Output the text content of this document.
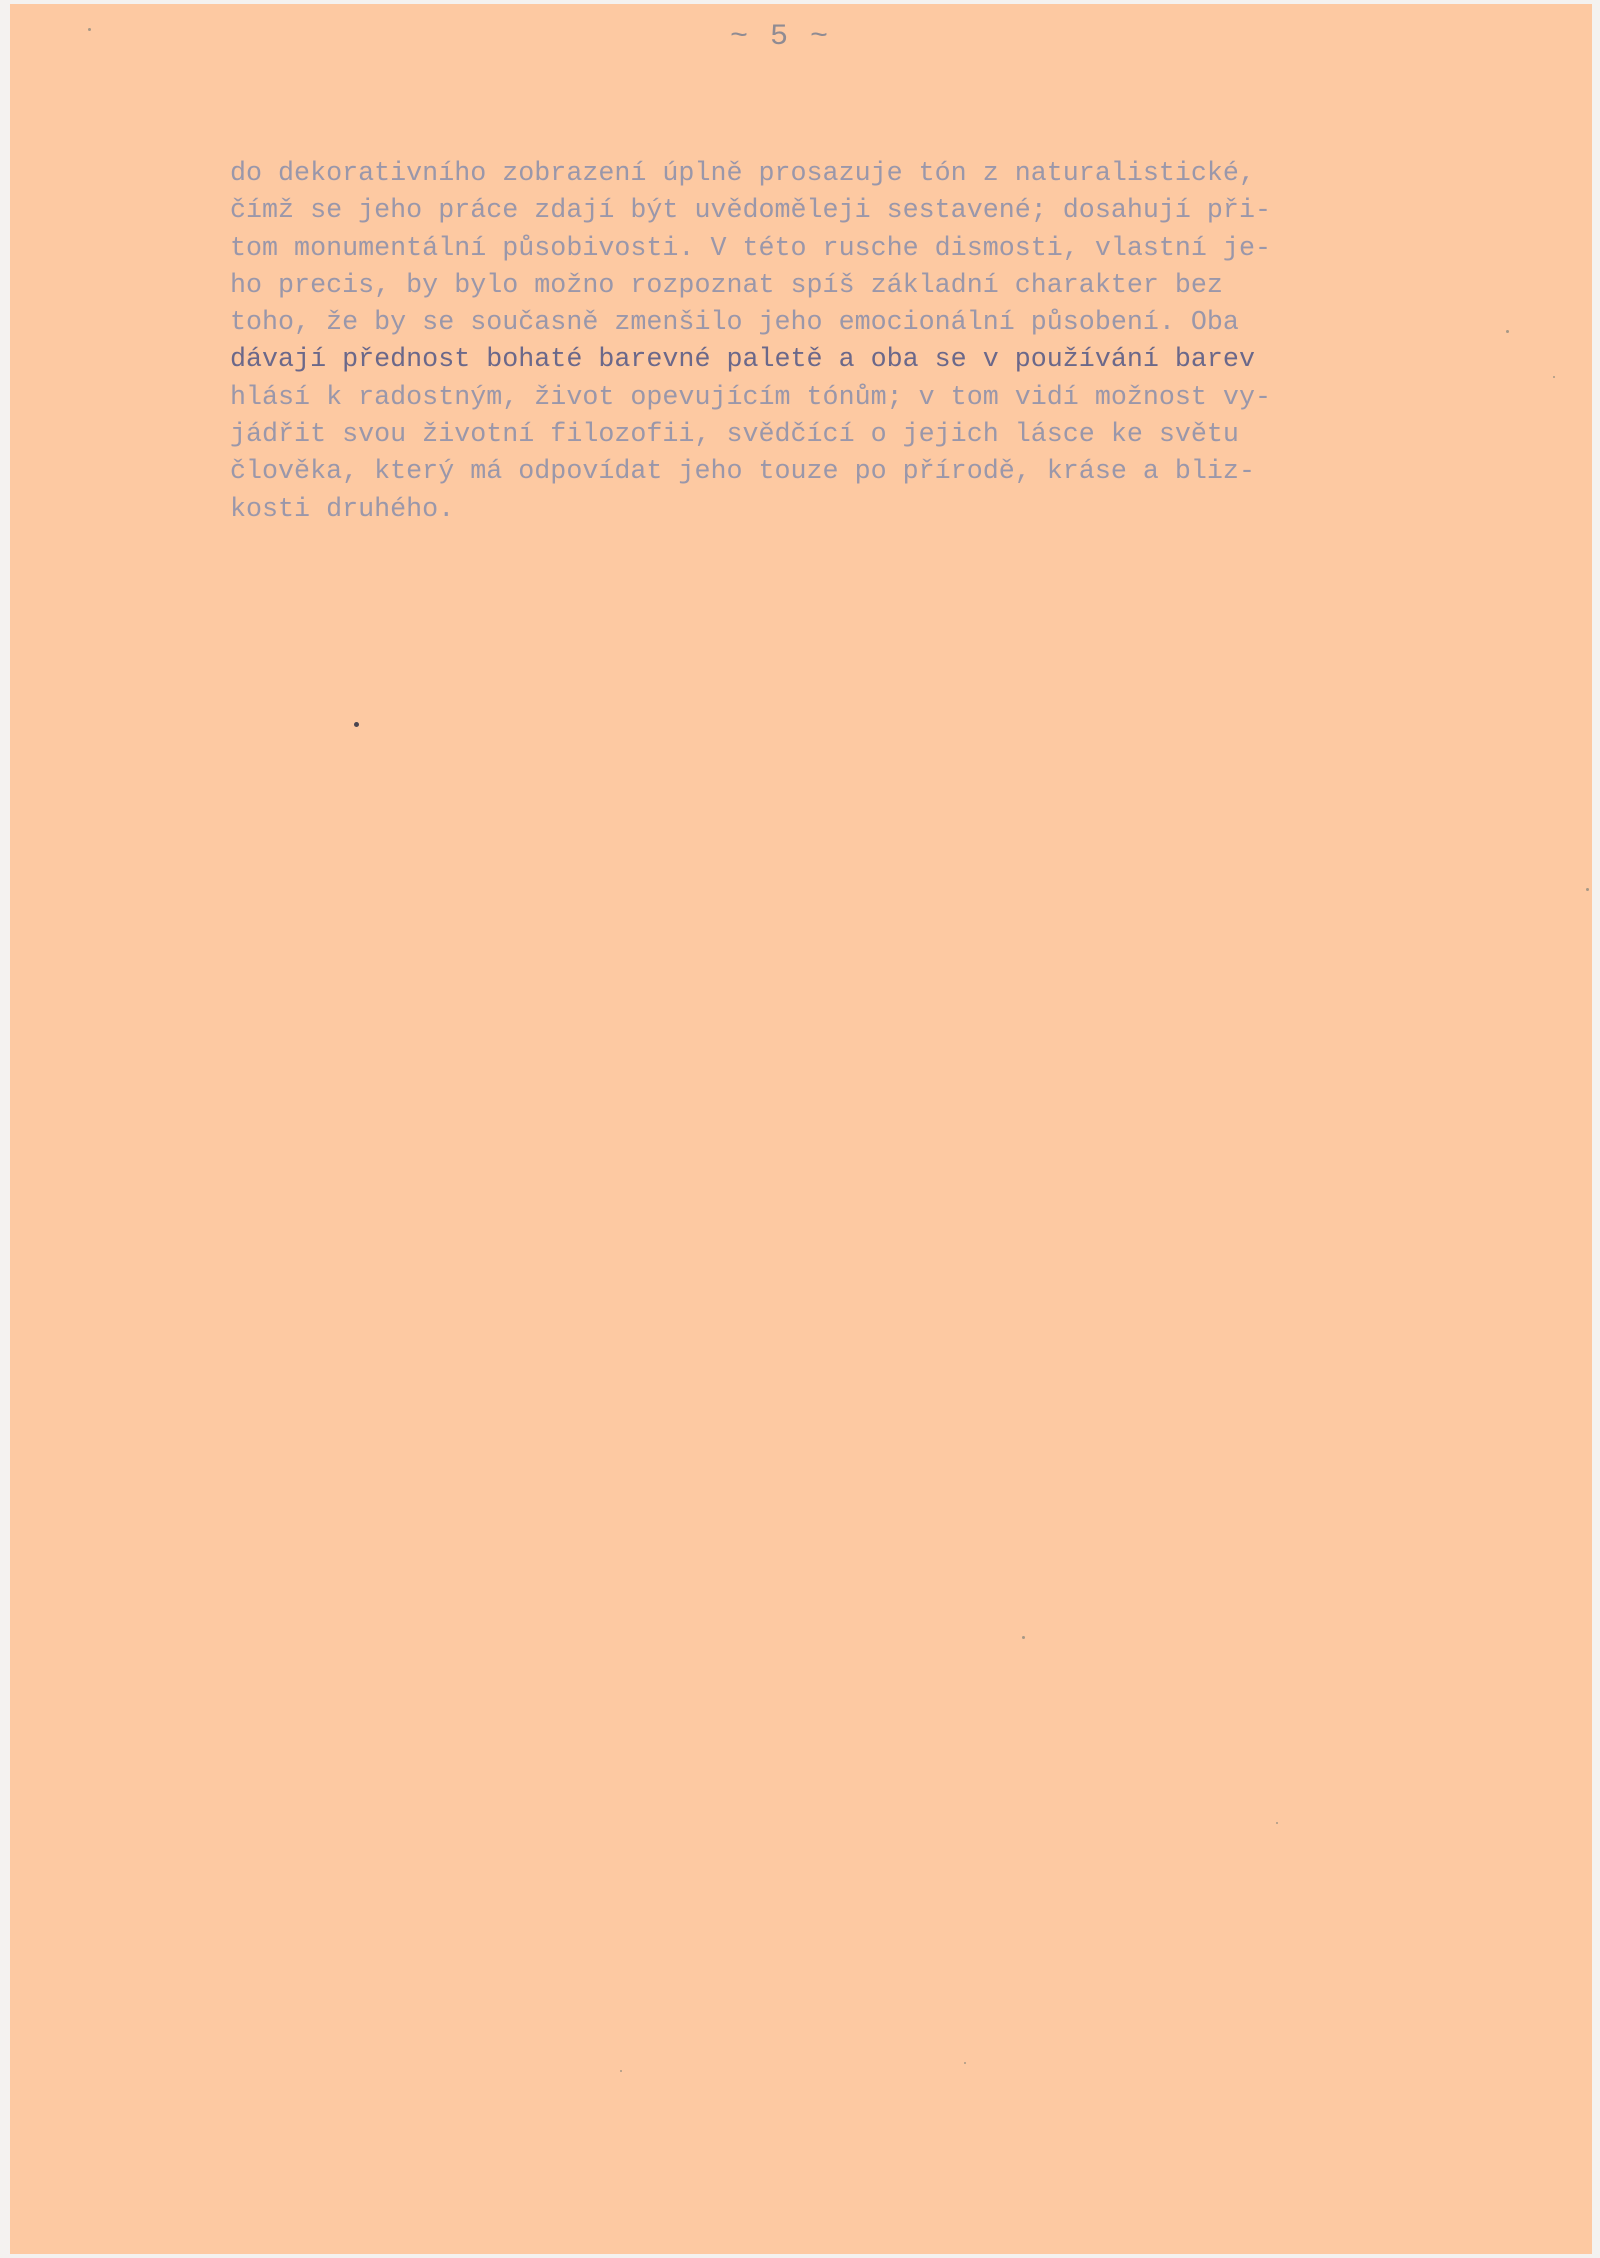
~ 5 ~

do dekorativního zobrazení úplně prosazuje tón z naturalistické,
čímž se jeho práce zdají být uvědoměleji sestavené; dosahují při-
tom monumentální působivosti. V této rusche dismosti, vlastní je-
ho precis, by bylo možno rozpoznat spíš základní charakter bez
toho, že by se současně zmenšilo jeho emocionální působení. Oba
dávají přednost bohaté barevné paletě a oba se v používání barev
hlásí k radostným, život opevujícím tónům; v tom vidí možnost vy-
jádřit svou životní filozofii, svědčící o jejich lásce ke světu
člověka, který má odpovídat jeho touze po přírodě, kráse a bliz-
kosti druhého.
